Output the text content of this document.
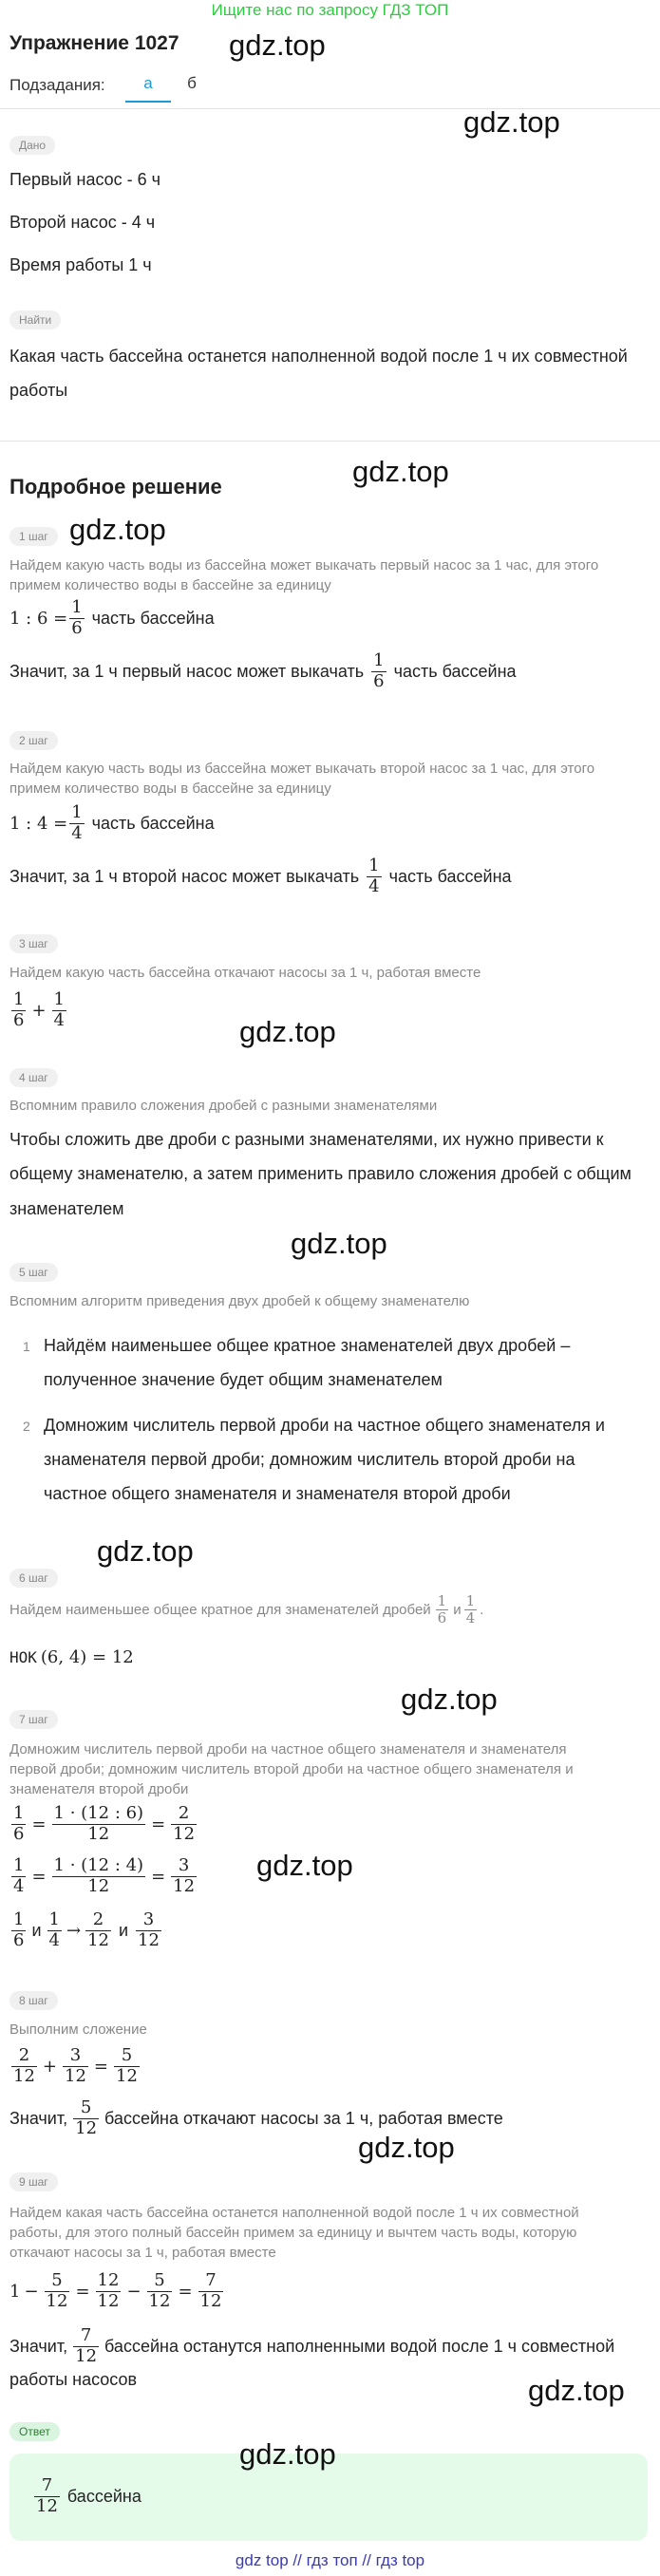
Ищите нас по запросу ГДЗ ТОП
Упражнение 1027 gdz.top
Подзадания:	а	б
gdz.top
Дано
Первый насос - 6 ч
Второй насос - 4 ч
Время работы 1 ч
Найти
Какая часть бассейна останется наполненной водой после 1 ч их совместной
работы
Подробное решение	gdz.top
1 шаг gdz.top
Найдем какую часть воды из бассейна может выкачать первый насос за 1 час, для этого
примем количество воды в бассейне за единицу
1 : $6 = \frac{1}{6}$ часть бассейна
Значит, за 1 ч первый насос может выкачать $\frac{1}{6}$ часть бассейна
2 шаг
Найдем какую часть воды из бассейна может выкачать второй насос за 1 час, для этого
примем количество воды в бассейне за единицу
1 : $4 = \frac{1}{4}$ часть бассейна
Значит, за 1 ч второй насос может выкачать $\frac{1}{4}$ часть бассейна
3 шаг
Найдем какую часть бассейна откачают насосы за 1 ч, работая вместе
$\frac{1}{6} + \frac{1}{4}$
gdz.top
4 шаг
Вспомним правило сложения дробей с разными знаменателями
Чтобы сложить две дроби с разными знаменателями, их нужно привести к
общему знаменателю, а затем применить правило сложения дробей с общим
знаменателем
gdz.top
5 шаг
Вспомним алгоритм приведения двух дробей к общему знаменателю
1 Найдём наименьшее общее кратное знаменателей двух дробей –
полученное значение будет общим знаменателем
2 Домножим числитель первой дроби на частное общего знаменателя и
знаменателя первой дроби; домножим числитель второй дроби на
частное общего знаменателя и знаменателя второй дроби
gdz.top
6 шаг
Найдем наименьшее общее кратное для знаменателей дробей $\frac{1}{6}$ и $\frac{1}{4}$ .
НОК (6, 4) = 12
gdz.top
7 шаг
Домножим числитель первой дроби на частное общего знаменателя и знаменателя
первой дроби; домножим числитель второй дроби на частное общего знаменателя и
знаменателя второй дроби
$\frac{1}{6} = \frac{1 \cdot (12 : 6)}{12} = \frac{2}{12}$
$\frac{1}{4} = \frac{1 \cdot (12 : 4)}{12} = \frac{3}{12} gdz.top$
$\frac{1}{6}$ и $\frac{1}{4} \to \frac{2}{12}$ и $\frac{3}{12}$
8 шаг
Выполним сложение
$\frac{2}{12} + \frac{3}{12} = \frac{5}{12}$
Значит, $\frac{5}{12}$ бассейна откачают насосы за 1 ч, работая вместе
gdz.top
9 шаг
Найдем какая часть бассейна останется наполненной водой после 1 ч их совместной
работы, для этого полный бассейн примем за единицу и вычтем часть воды, которую
откачают насосы за 1 ч, работая вместе
$1 - \frac{5}{12} = \frac{12}{12} - \frac{5}{12} = \frac{7}{12}$
Значит, $\frac{7}{12}$ бассейна останутся наполненными водой после 1 ч совместной
работы насосов	gdz.top
Ответ
gdz.top
$\frac{7}{12}$ бассейна
gdz top // гдз топ // гдз top
